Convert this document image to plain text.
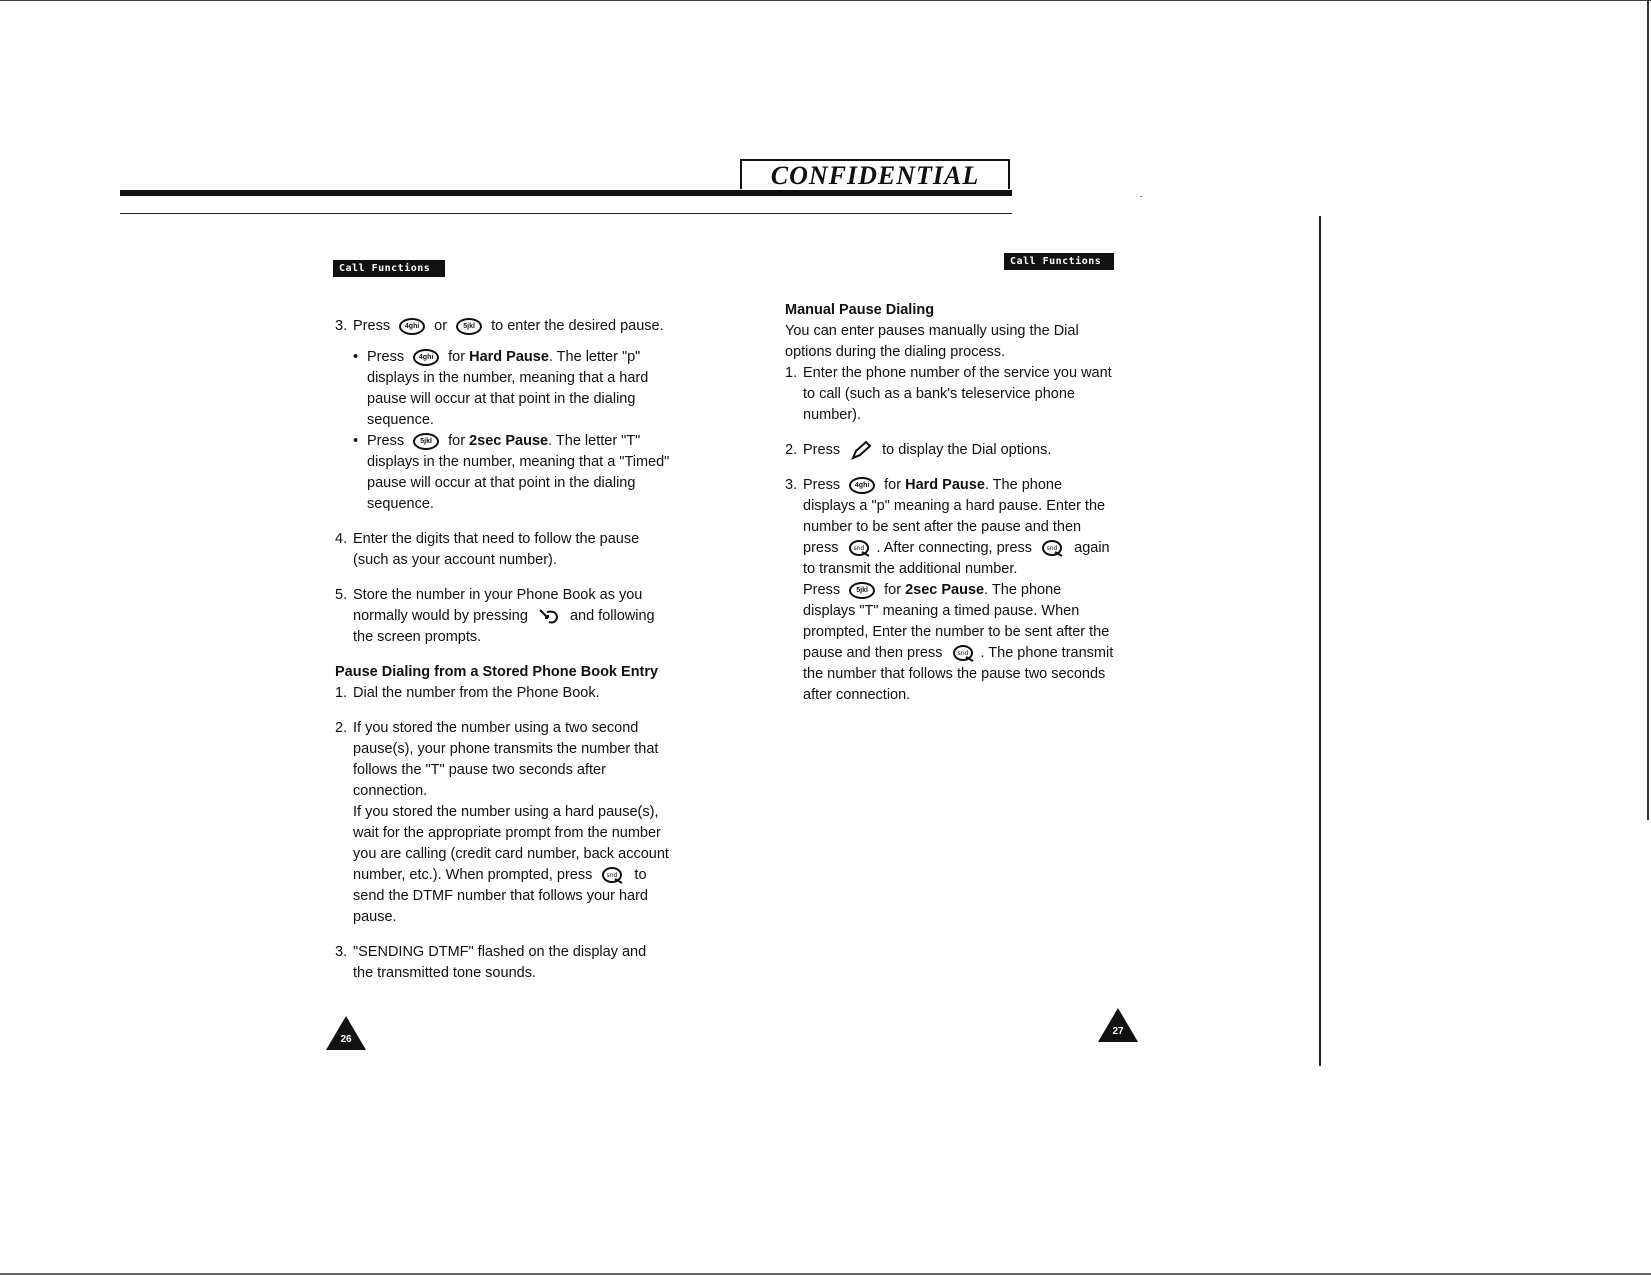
CONFIDENTIAL
Call Functions
Call Functions
3. Press 4ghi or 5jkl to enter the desired pause.

• Press 4ghi for Hard Pause. The letter "p" displays in the number, meaning that a hard pause will occur at that point in the dialing sequence.

• Press 5jkl for 2sec Pause. The letter "T" displays in the number, meaning that a "Timed" pause will occur at that point in the dialing sequence.

4. Enter the digits that need to follow the pause (such as your account number).

5. Store the number in your Phone Book as you normally would by pressing	and following the screen prompts.

Pause Dialing from a Stored Phone Book Entry

1. Dial the number from the Phone Book.

2. If you stored the number using a two second pause(s), your phone transmits the number that follows the "T" pause two seconds after connection.

If you stored the number using a hard pause(s), wait for the appropriate prompt from the number you are calling (credit card number, back account number, etc.). When prompted, press snd to send the DTMF number that follows your hard pause.

3. "SENDING DTMF" flashed on the display and the transmitted tone sounds.

Manual Pause Dialing

You can enter pauses manually using the Dial options during the dialing process.

1. Enter the phone number of the service you want to call (such as a bank's teleservice phone number).

2. Press	to display the Dial options.

3. Press 4ghi for Hard Pause. The phone displays a "p" meaning a hard pause. Enter the number to be sent after the pause and then press snd . After connecting, press snd again to transmit the additional number.

Press 5jkl for 2sec Pause. The phone displays "T" meaning a timed pause. When prompted, Enter the number to be sent after the pause and then press snd . The phone transmit the number that follows the pause two seconds after connection.

26
27
